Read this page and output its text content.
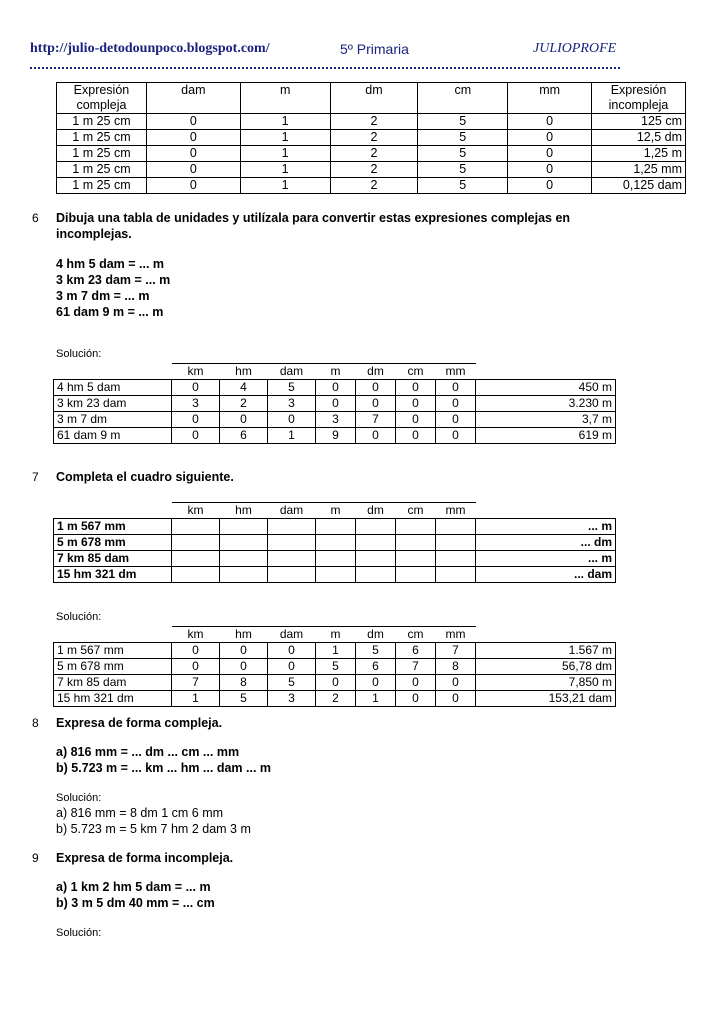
http://julio-detodounpoco.blogspot.com/	5º Primaria	JULIOPROFE
Expresión
compleja	dam	m	dm	cm	mm	Expresión
incompleja

1 m 25 cm	0	1	2	5	0	125 cm
1 m 25 cm	0	1	2	5	0	12,5 dm
1 m 25 cm	0	1	2	5	0	1,25 m
1 m 25 cm	0	1	2	5	0	1,25 mm
1 m 25 cm	0	1	2	5	0	0,125 dam
6 Dibuja una tabla de unidades y utilízala para convertir estas expresiones complejas en
incomplejas.
4 hm 5 dam = ... m
3 km 23 dam = ... m
3 m 7 dm = ... m
61 dam 9 m = ... m
Solución:
	km	hm	dam	m	dm	cm	mm	
4 hm 5 dam	0	4	5	0	0	0	0	450 m
3 km 23 dam	3	2	3	0	0	0	0	3.230 m
3 m 7 dm	0	0	0	3	7	0	0	3,7 m
61 dam 9 m	0	6	1	9	0	0	0	619 m
7 Completa el cuadro siguiente.
	km	hm	dam	m	dm	cm	mm	
1 m 567 mm								... m
5 m 678 mm								... dm
7 km 85 dam								... m
15 hm 321 dm								... dam
Solución:
	km	hm	dam	m	dm	cm	mm	
1 m 567 mm	0	0	0	1	5	6	7	1.567 m
5 m 678 mm	0	0	0	5	6	7	8	56,78 dm
7 km 85 dam	7	8	5	0	0	0	0	7,850 m
15 hm 321 dm	1	5	3	2	1	0	0	153,21 dam
8 Expresa de forma compleja.
a) 816 mm = ... dm ... cm ... mm
b) 5.723 m = ... km ... hm ... dam ... m
Solución:
a) 816 mm = 8 dm 1 cm 6 mm
b) 5.723 m = 5 km 7 hm 2 dam 3 m
9 Expresa de forma incompleja.
a) 1 km 2 hm 5 dam = ... m
b) 3 m 5 dm 40 mm = ... cm
Solución:
